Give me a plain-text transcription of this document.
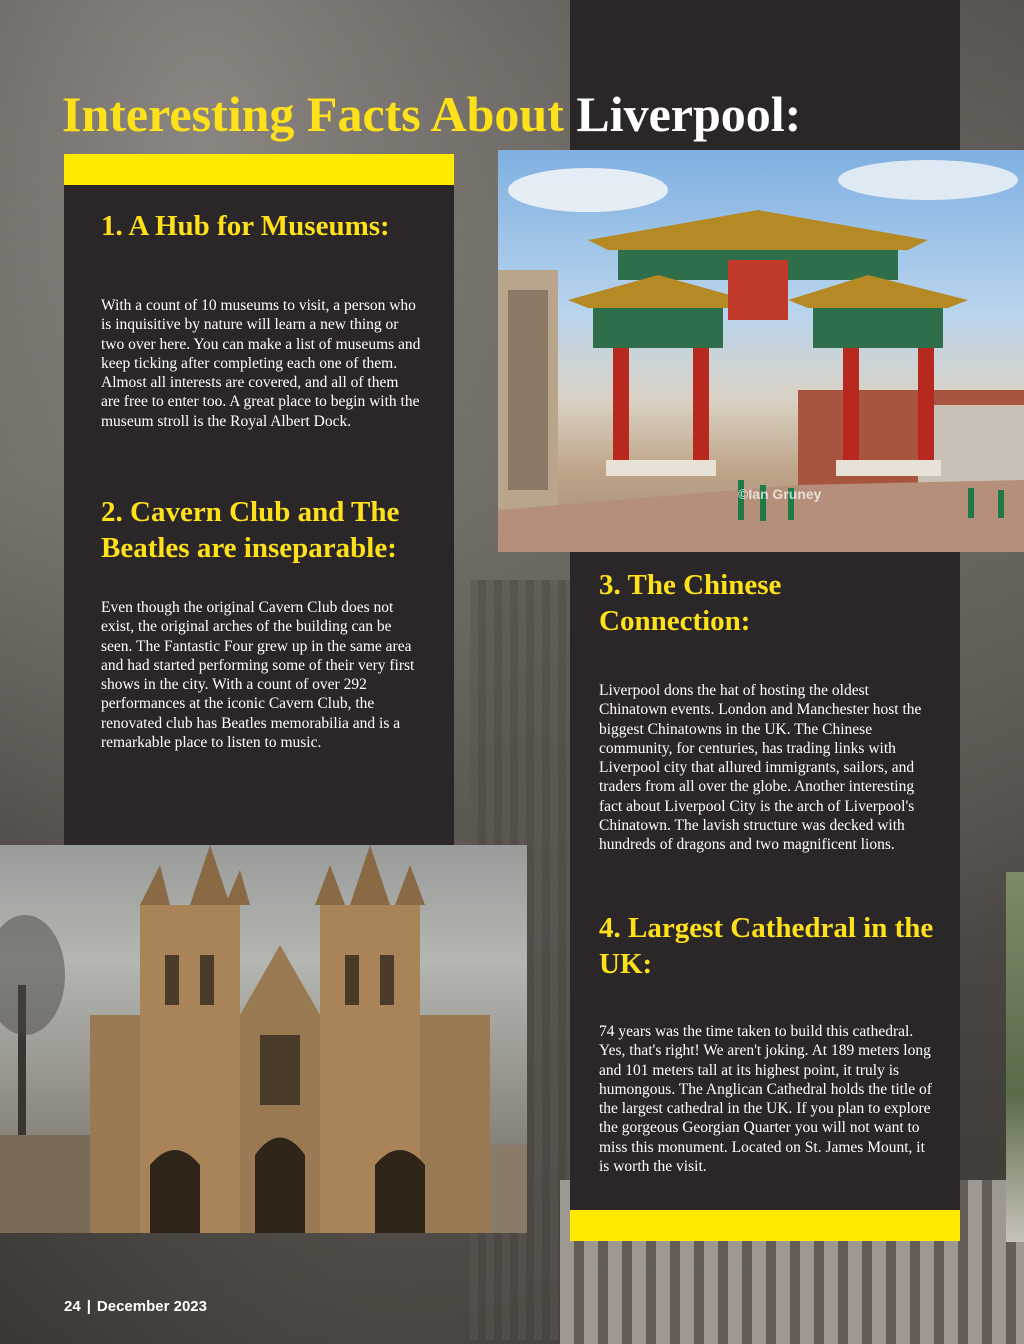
Interesting Facts About Liverpool:
©Ian Gruney
1. A Hub for Museums:

With a count of 10 museums to visit, a person who is inquisitive by nature will learn a new thing or two over here. You can make a list of museums and keep ticking after completing each one of them. Almost all interests are covered, and all of them are free to enter too. A great place to begin with the museum stroll is the Royal Albert Dock.

2. Cavern Club and The Beatles are inseparable:

Even though the original Cavern Club does not exist, the original arches of the building can be seen. The Fantastic Four grew up in the same area and had started performing some of their very first shows in the city. With a count of over 292 performances at the iconic Cavern Club, the renovated club has Beatles memorabilia and is a remarkable place to listen to music.

3. The Chinese Connection:

Liverpool dons the hat of hosting the oldest Chinatown events. London and Manchester host the biggest Chinatowns in the UK. The Chinese community, for centuries, has trading links with Liverpool city that allured immigrants, sailors, and traders from all over the globe. Another interesting fact about Liverpool City is the arch of Liverpool's Chinatown. The lavish structure was decked with hundreds of dragons and two magnificent lions.

4. Largest Cathedral in the UK:

74 years was the time taken to build this cathedral. Yes, that's right! We aren't joking. At 189 meters long and 101 meters tall at its highest point, it truly is humongous. The Anglican Cathedral holds the title of the largest cathedral in the UK. If you plan to explore the gorgeous Georgian Quarter you will not want to miss this monument. Located on St. James Mount, it is worth the visit.

24 | December 2023
